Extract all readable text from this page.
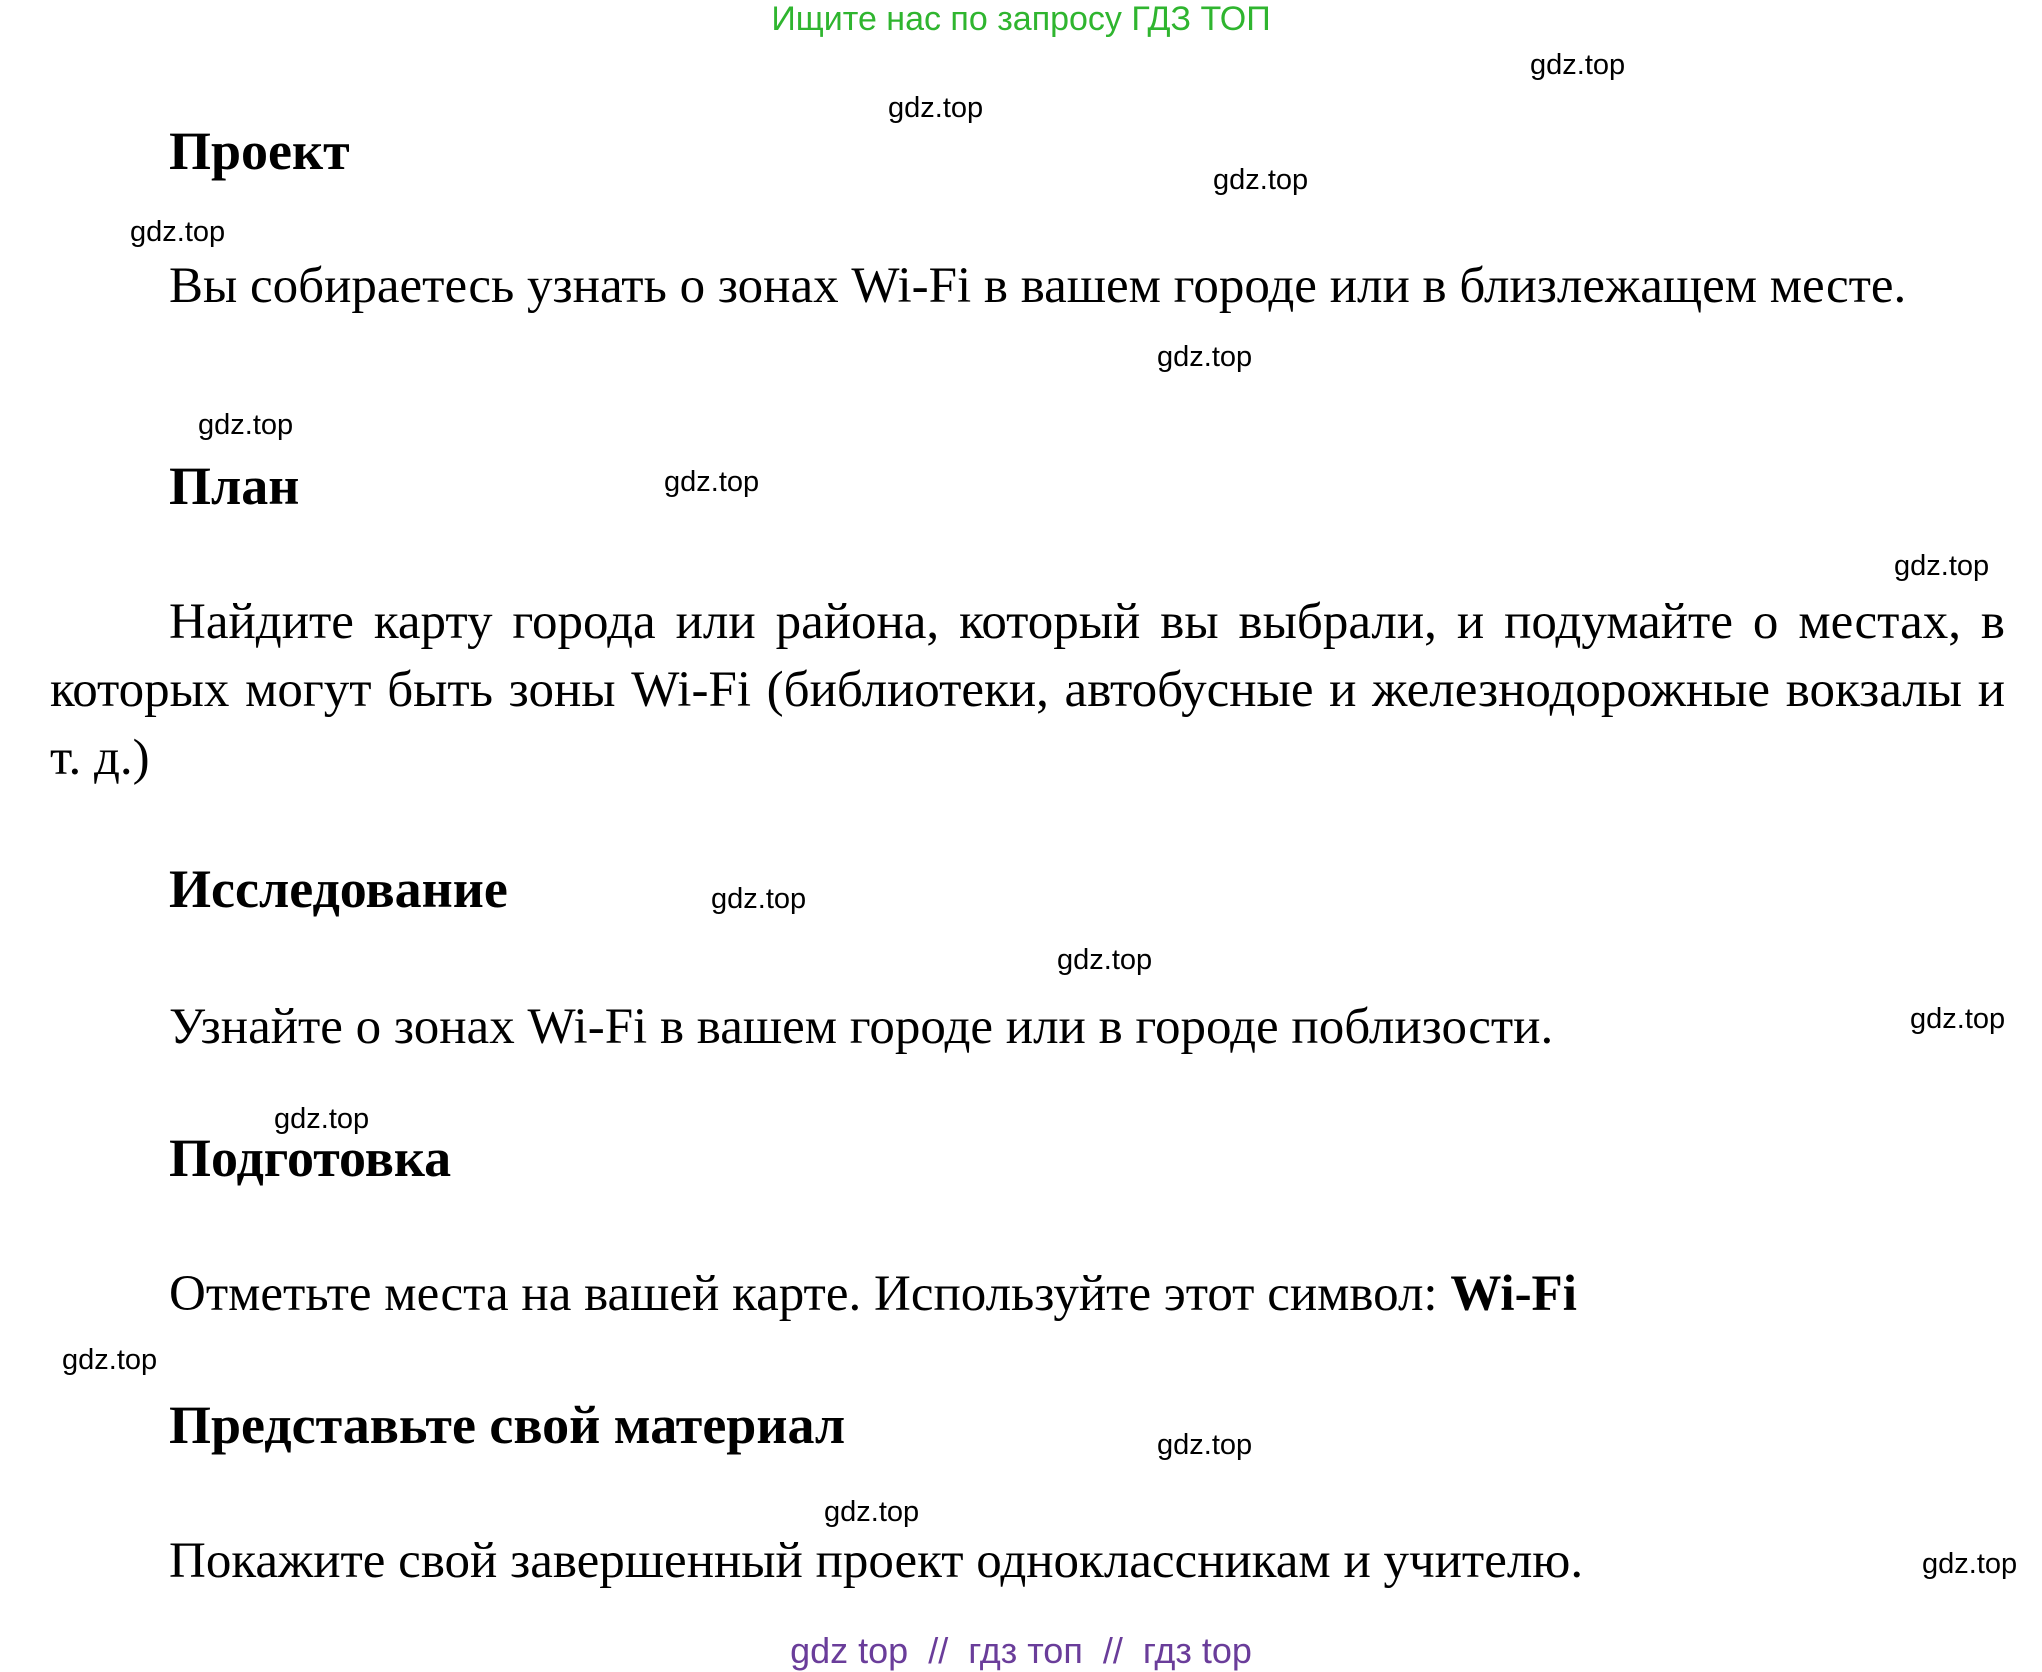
Ищите нас по запросу ГДЗ ТОП
gdz.top
gdz.top
gdz.top
gdz.top
gdz.top
gdz.top
gdz.top
gdz.top
gdz.top
gdz.top
gdz.top
gdz.top
gdz.top
gdz.top
gdz.top
gdz.top
Проект
Вы собираетесь узнать о зонах Wi-Fi в вашем городе или в близлежащем месте.
План
Найдите карту города или района, который вы выбрали, и подумайте о местах, в которых могут быть зоны Wi-Fi (библиотеки, автобусные и железнодорожные вокзалы и т. д.)
Исследование
Узнайте о зонах Wi-Fi в вашем городе или в городе поблизости.
Подготовка
Отметьте места на вашей карте. Используйте этот символ: Wi-Fi
Представьте свой материал
Покажите свой завершенный проект одноклассникам и учителю.
gdz top  //  гдз топ  //  гдз top
